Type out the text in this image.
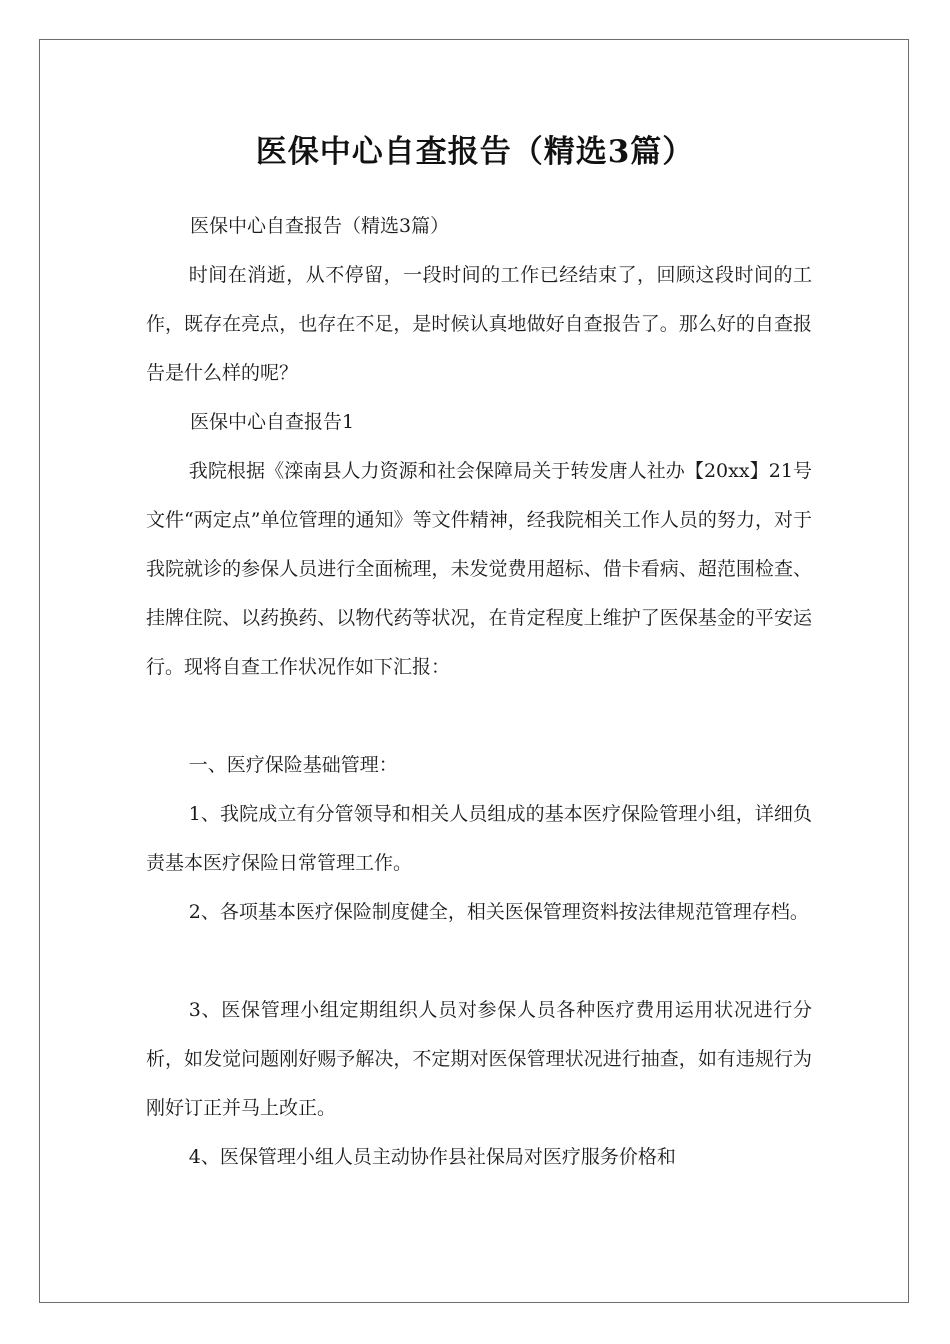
医保中心自查报告（精选3篇）

医保中心自查报告（精选3篇）

时间在消逝，从不停留，一段时间的工作已经结束了，回顾这段时间的工作，既存在亮点，也存在不足，是时候认真地做好自查报告了。那么好的自查报告是什么样的呢？

医保中心自查报告1

我院根据《滦南县人力资源和社会保障局关于转发唐人社办【20xx】21号文件“两定点”单位管理的通知》等文件精神，经我院相关工作人员的努力，对于我院就诊的参保人员进行全面梳理，未发觉费用超标、借卡看病、超范围检查、挂牌住院、以药换药、以物代药等状况，在肯定程度上维护了医保基金的平安运行。现将自查工作状况作如下汇报：

一、医疗保险基础管理：

1、我院成立有分管领导和相关人员组成的基本医疗保险管理小组，详细负责基本医疗保险日常管理工作。

2、各项基本医疗保险制度健全，相关医保管理资料按法律规范管理存档。

3、医保管理小组定期组织人员对参保人员各种医疗费用运用状况进行分析，如发觉问题刚好赐予解决，不定期对医保管理状况进行抽查，如有违规行为刚好订正并马上改正。

4、医保管理小组人员主动协作县社保局对医疗服务价格和
